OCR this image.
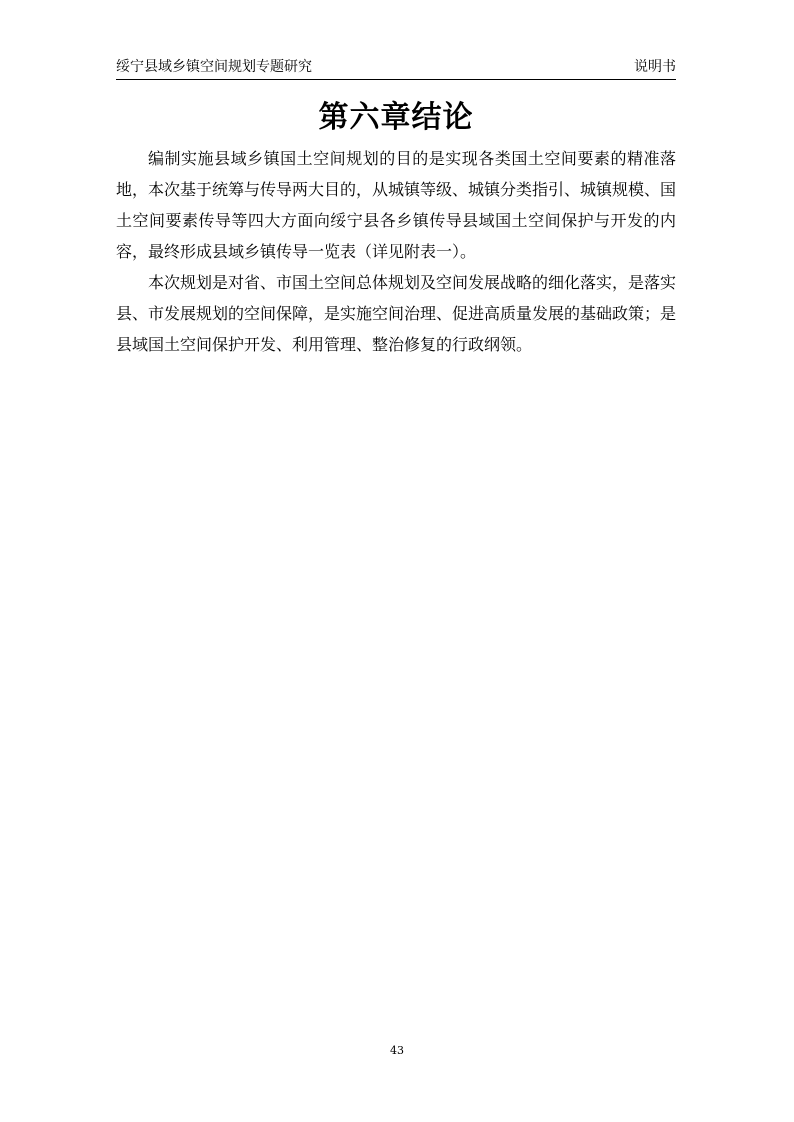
绥宁县域乡镇空间规划专题研究	说明书
第六章结论

编制实施县域乡镇国土空间规划的目的是实现各类国土空间要素的精准落地，本次基于统筹与传导两大目的，从城镇等级、城镇分类指引、城镇规模、国土空间要素传导等四大方面向绥宁县各乡镇传导县域国土空间保护与开发的内容，最终形成县域乡镇传导一览表（详见附表一）。

本次规划是对省、市国土空间总体规划及空间发展战略的细化落实，是落实县、市发展规划的空间保障，是实施空间治理、促进高质量发展的基础政策；是县域国土空间保护开发、利用管理、整治修复的行政纲领。

43
